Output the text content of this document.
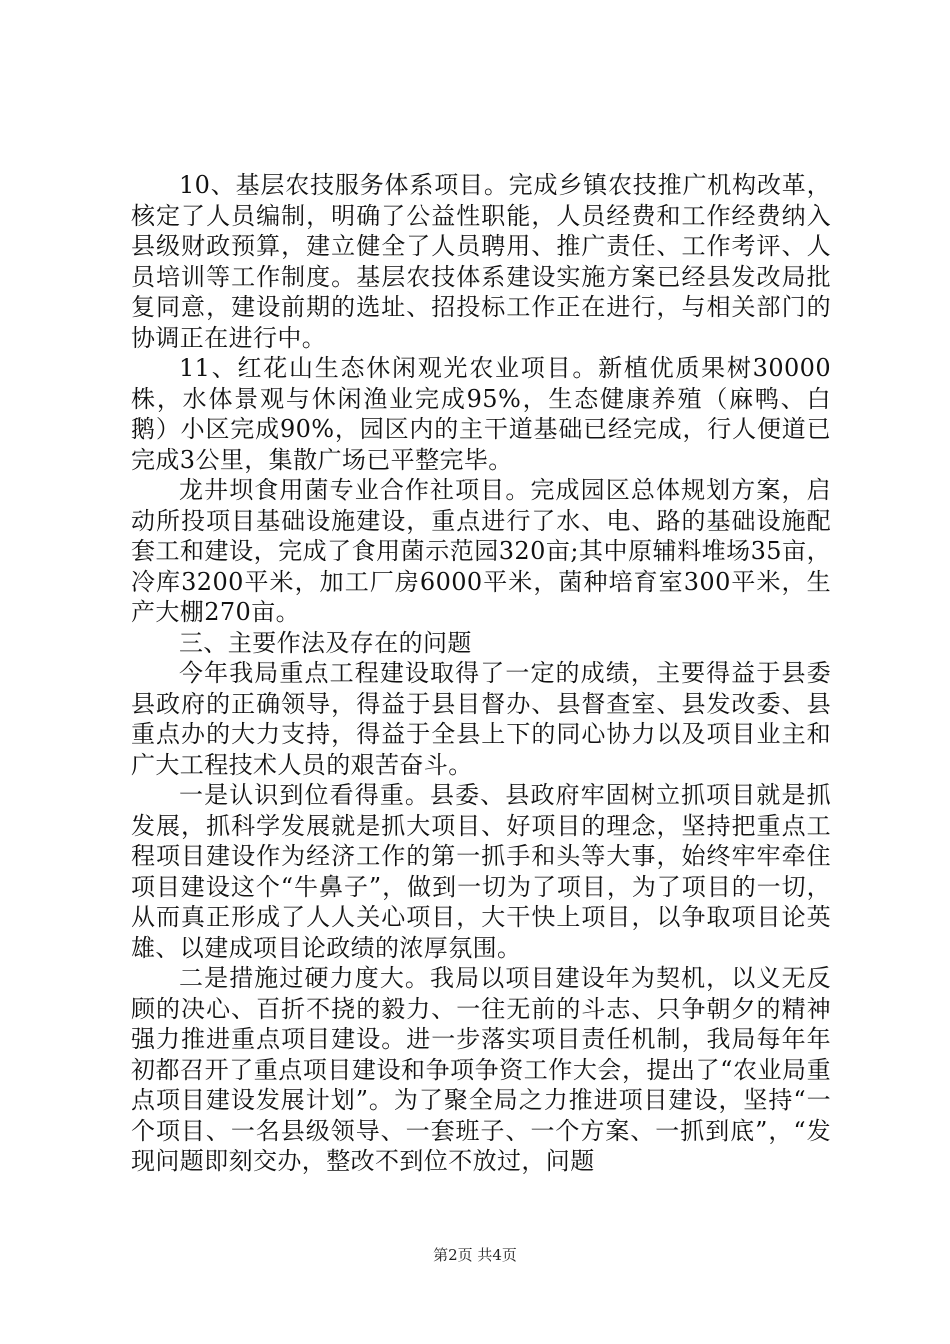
10、基层农技服务体系项目。完成乡镇农技推广机构改革，核定了人员编制，明确了公益性职能，人员经费和工作经费纳入县级财政预算，建立健全了人员聘用、推广责任、工作考评、人员培训等工作制度。基层农技体系建设实施方案已经县发改局批复同意，建设前期的选址、招投标工作正在进行，与相关部门的协调正在进行中。

11、红花山生态休闲观光农业项目。新植优质果树30000株，水体景观与休闲渔业完成95%，生态健康养殖（麻鸭、白鹅）小区完成90%，园区内的主干道基础已经完成，行人便道已完成3公里，集散广场已平整完毕。

龙井坝食用菌专业合作社项目。完成园区总体规划方案，启动所投项目基础设施建设，重点进行了水、电、路的基础设施配套工和建设，完成了食用菌示范园320亩;其中原辅料堆场35亩，冷库3200平米，加工厂房6000平米，菌种培育室300平米，生产大棚270亩。

三、主要作法及存在的问题

今年我局重点工程建设取得了一定的成绩，主要得益于县委县政府的正确领导，得益于县目督办、县督查室、县发改委、县重点办的大力支持，得益于全县上下的同心协力以及项目业主和广大工程技术人员的艰苦奋斗。

一是认识到位看得重。县委、县政府牢固树立抓项目就是抓发展，抓科学发展就是抓大项目、好项目的理念，坚持把重点工程项目建设作为经济工作的第一抓手和头等大事，始终牢牢牵住项目建设这个“牛鼻子”，做到一切为了项目，为了项目的一切，从而真正形成了人人关心项目，大干快上项目，以争取项目论英雄、以建成项目论政绩的浓厚氛围。

二是措施过硬力度大。我局以项目建设年为契机，以义无反顾的决心、百折不挠的毅力、一往无前的斗志、只争朝夕的精神强力推进重点项目建设。进一步落实项目责任机制，我局每年年初都召开了重点项目建设和争项争资工作大会，提出了“农业局重点项目建设发展计划”。为了聚全局之力推进项目建设，坚持“一个项目、一名县级领导、一套班子、一个方案、一抓到底”，“发现问题即刻交办，整改不到位不放过，问题

第2页 共4页
